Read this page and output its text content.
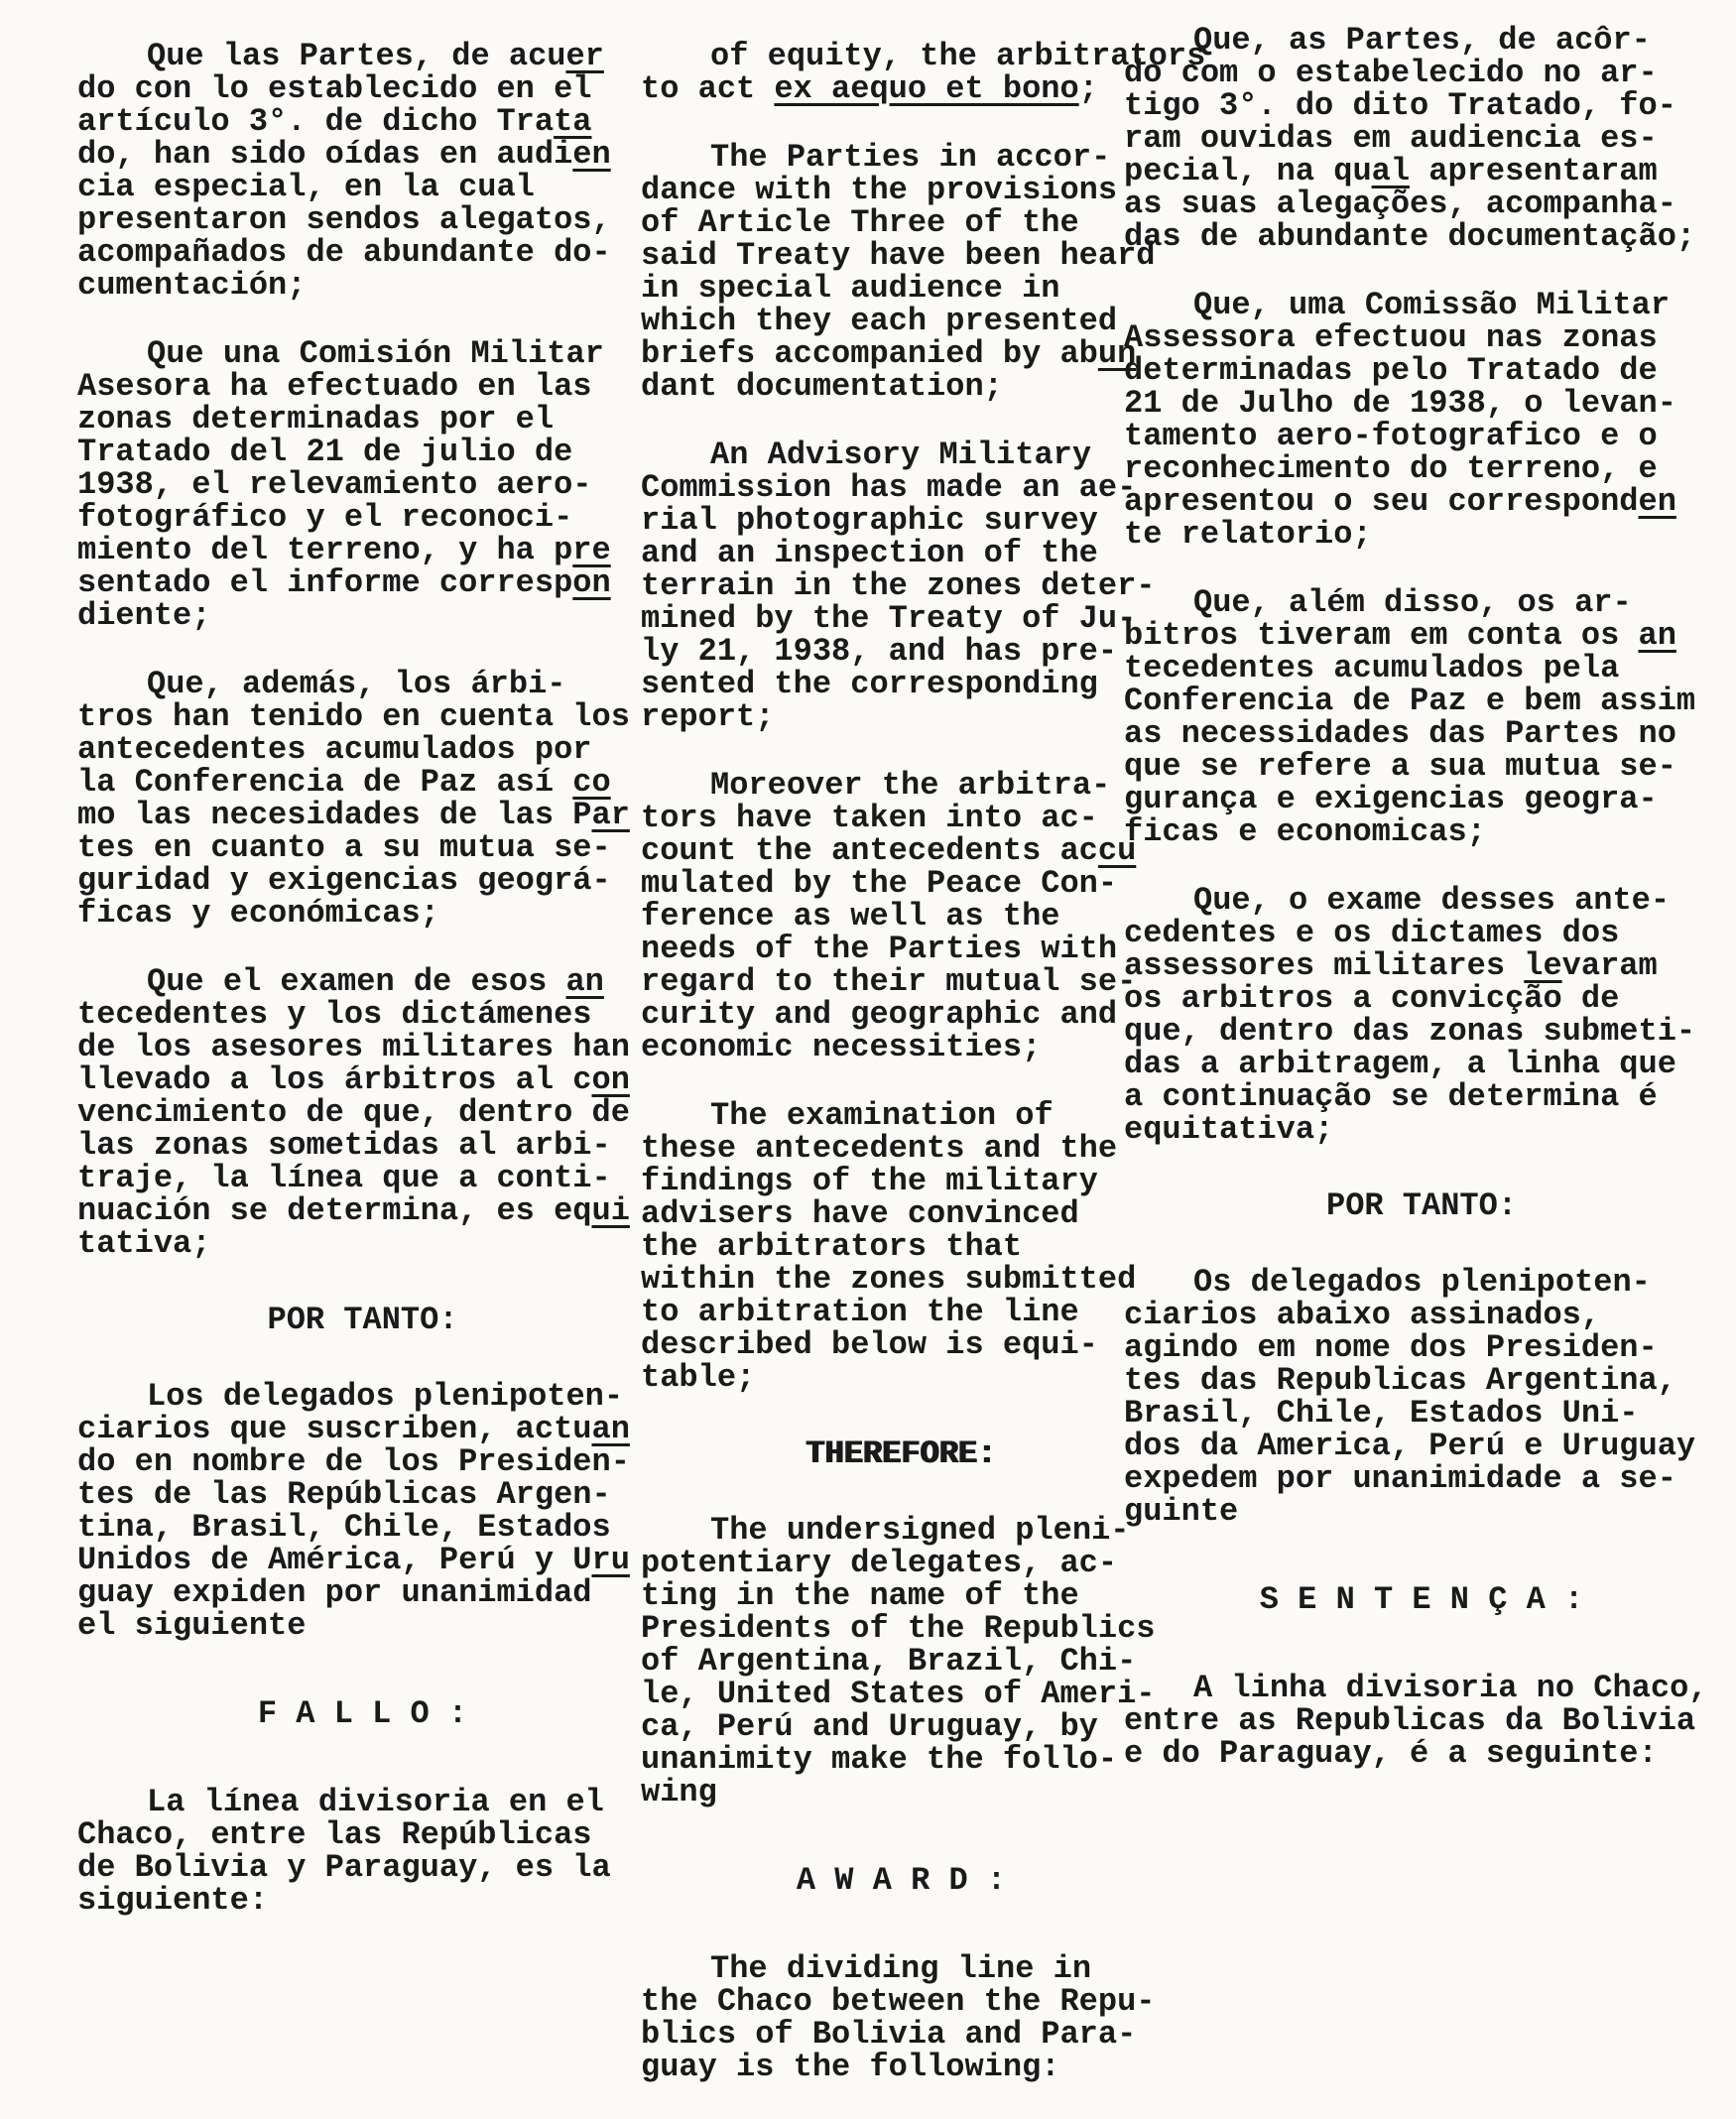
Que las Partes, de acuer
do con lo establecido en el
artículo 3°. de dicho Trata
do, han sido oídas en audien
cia especial, en la cual
presentaron sendos alegatos,
acompañados de abundante do-
cumentación;
Que una Comisión Militar
Asesora ha efectuado en las
zonas determinadas por el
Tratado del 21 de julio de
1938, el relevamiento aero-
fotográfico y el reconoci-
miento del terreno, y ha pre
sentado el informe correspon
diente;
Que, además, los árbi-
tros han tenido en cuenta los
antecedentes acumulados por
la Conferencia de Paz así co
mo las necesidades de las Par
tes en cuanto a su mutua se-
guridad y exigencias geográ-
ficas y económicas;
Que el examen de esos an
tecedentes y los dictámenes
de los asesores militares han
llevado a los árbitros al con
vencimiento de que, dentro de
las zonas sometidas al arbi-
traje, la línea que a conti-
nuación se determina, es equi
tativa;
POR TANTO:
Los delegados plenipoten-
ciarios que suscriben, actuan
do en nombre de los Presiden-
tes de las Repúblicas Argen-
tina, Brasil, Chile, Estados
Unidos de América, Perú y Uru
guay expiden por unanimidad
el siguiente
F A L L O :
La línea divisoria en el
Chaco, entre las Repúblicas
de Bolivia y Paraguay, es la
siguiente:
of equity, the arbitrators
to act ex aequo et bono;
The Parties in accor-
dance with the provisions
of Article Three of the
said Treaty have been heard
in special audience in
which they each presented
briefs accompanied by abun
dant documentation;
An Advisory Military
Commission has made an ae-
rial photographic survey
and an inspection of the
terrain in the zones deter-
mined by the Treaty of Ju-
ly 21, 1938, and has pre-
sented the corresponding
report;
Moreover the arbitra-
tors have taken into ac-
count the antecedents accu
mulated by the Peace Con-
ference as well as the
needs of the Parties with
regard to their mutual se-
curity and geographic and
economic necessities;
The examination of
these antecedents and the
findings of the military
advisers have convinced
the arbitrators that
within the zones submitted
to arbitration the line
described below is equi-
table;
THEREFORE:
The undersigned pleni-
potentiary delegates, ac-
ting in the name of the
Presidents of the Republics
of Argentina, Brazil, Chi-
le, United States of Ameri-
ca, Perú and Uruguay, by
unanimity make the follo-
wing
A W A R D :
The dividing line in
the Chaco between the Repu-
blics of Bolivia and Para-
guay is the following:
Que, as Partes, de acôr-
do com o estabelecido no ar-
tigo 3°. do dito Tratado, fo-
ram ouvidas em audiencia es-
pecial, na qual apresentaram
as suas alegações, acompanha-
das de abundante documentação;
Que, uma Comissão Militar
Assessora efectuou nas zonas
determinadas pelo Tratado de
21 de Julho de 1938, o levan-
tamento aero-fotografico e o
reconhecimento do terreno, e
apresentou o seu corresponden
te relatorio;
Que, além disso, os ar-
bitros tiveram em conta os an
tecedentes acumulados pela
Conferencia de Paz e bem assim
as necessidades das Partes no
que se refere a sua mutua se-
gurança e exigencias geogra-
ficas e economicas;
Que, o exame desses ante-
cedentes e os dictames dos
assessores militares levaram
os arbitros a convicção de
que, dentro das zonas submeti-
das a arbitragem, a linha que
a continuação se determina é
equitativa;
POR TANTO:
Os delegados plenipoten-
ciarios abaixo assinados,
agindo em nome dos Presiden-
tes das Republicas Argentina,
Brasil, Chile, Estados Uni-
dos da America, Perú e Uruguay
expedem por unanimidade a se-
guinte
S E N T E N Ç A :
A linha divisoria no Chaco,
entre as Republicas da Bolivia
e do Paraguay, é a seguinte:
